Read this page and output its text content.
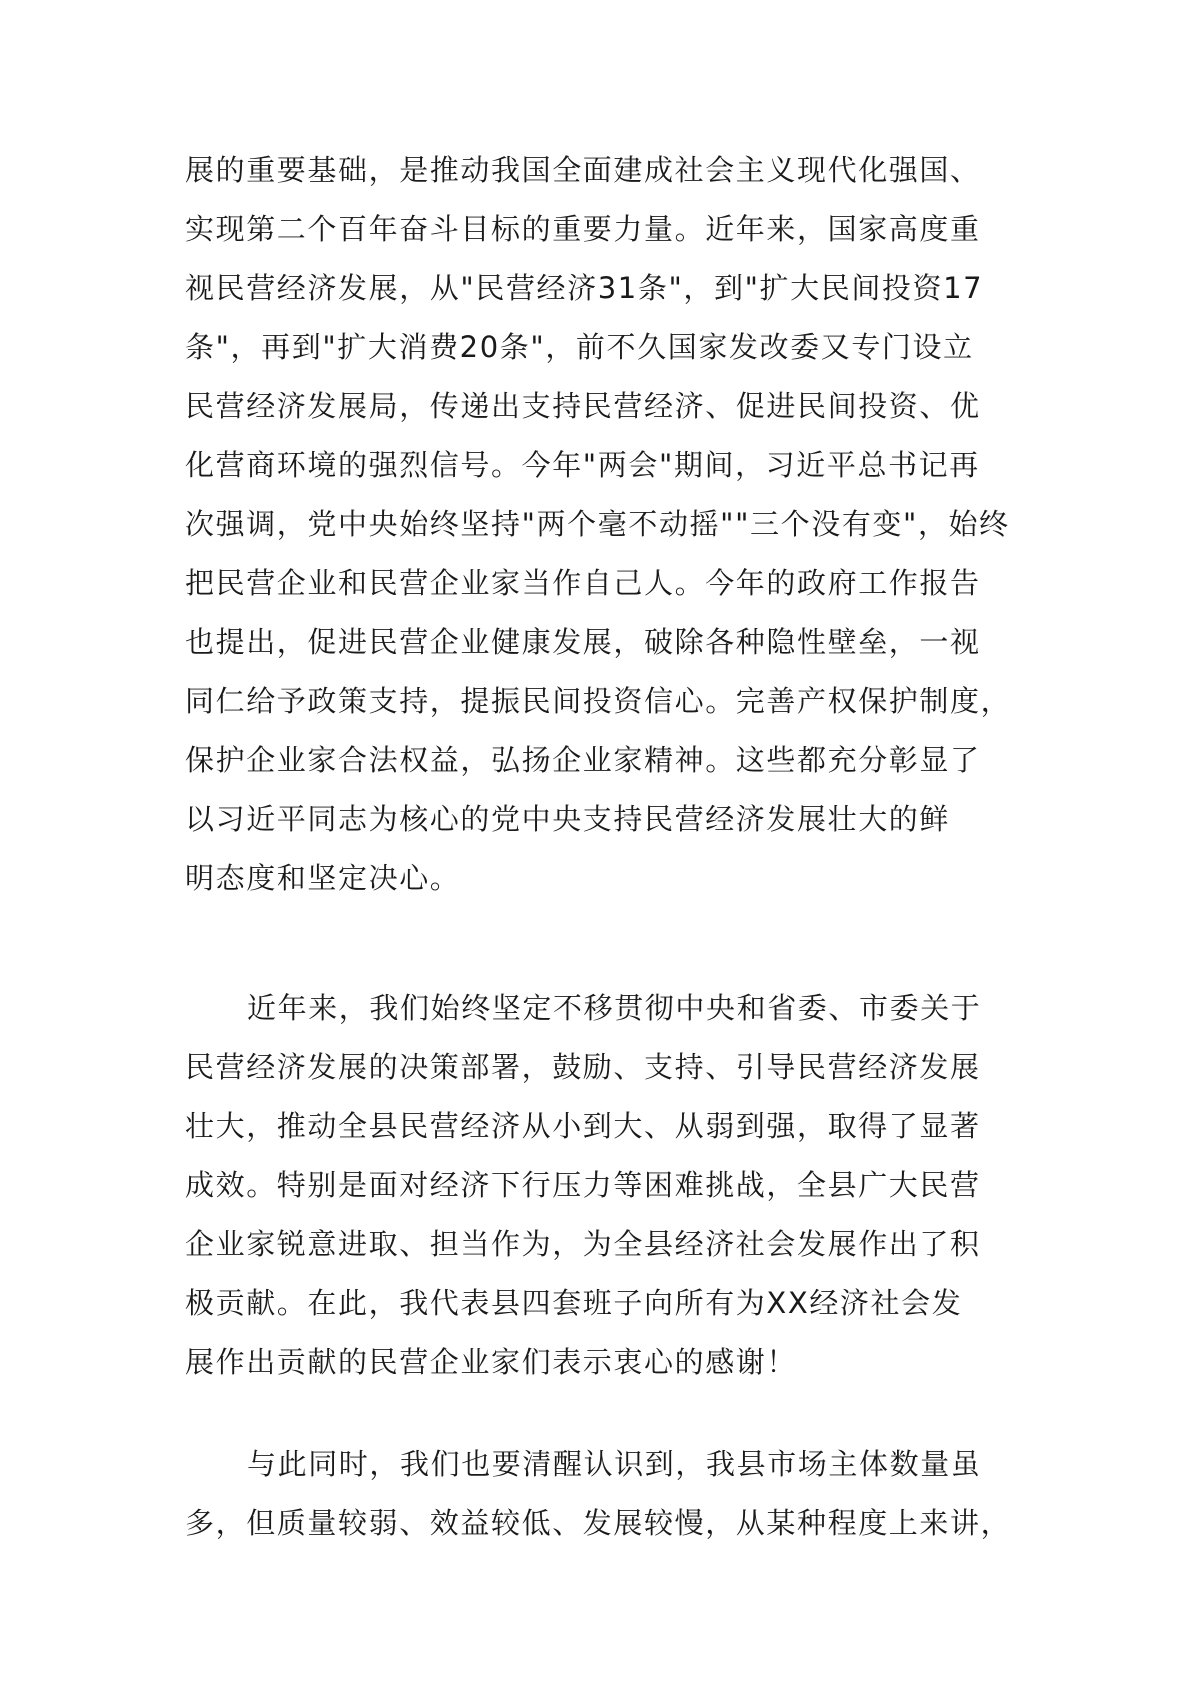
展的重要基础，是推动我国全面建成社会主义现代化强国、
实现第二个百年奋斗目标的重要力量。近年来，国家高度重
视民营经济发展，从"民营经济31条"，到"扩大民间投资17
条"，再到"扩大消费20条"，前不久国家发改委又专门设立
民营经济发展局，传递出支持民营经济、促进民间投资、优
化营商环境的强烈信号。今年"两会"期间，习近平总书记再
次强调，党中央始终坚持"两个毫不动摇""三个没有变"，始终
把民营企业和民营企业家当作自己人。今年的政府工作报告
也提出，促进民营企业健康发展，破除各种隐性壁垒，一视
同仁给予政策支持，提振民间投资信心。完善产权保护制度，
保护企业家合法权益，弘扬企业家精神。这些都充分彰显了
以习近平同志为核心的党中央支持民营经济发展壮大的鲜
明态度和坚定决心。
近年来，我们始终坚定不移贯彻中央和省委、市委关于
民营经济发展的决策部署，鼓励、支持、引导民营经济发展
壮大，推动全县民营经济从小到大、从弱到强，取得了显著
成效。特别是面对经济下行压力等困难挑战，全县广大民营
企业家锐意进取、担当作为，为全县经济社会发展作出了积
极贡献。在此，我代表县四套班子向所有为XX经济社会发
展作出贡献的民营企业家们表示衷心的感谢！
与此同时，我们也要清醒认识到，我县市场主体数量虽
多，但质量较弱、效益较低、发展较慢，从某种程度上来讲，
